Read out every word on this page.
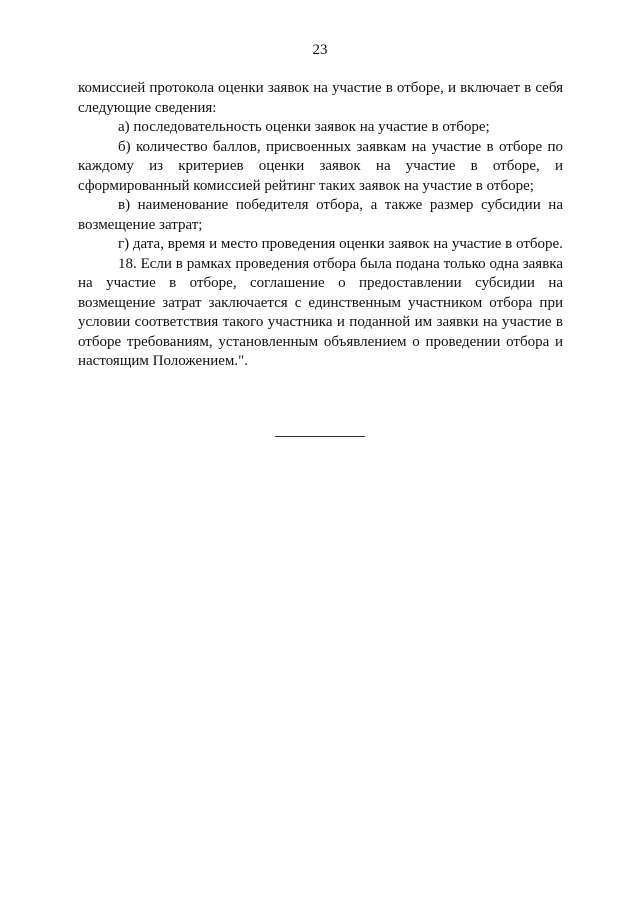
23

комиссией протокола оценки заявок на участие в отборе, и включает в себя следующие сведения:

а) последовательность оценки заявок на участие в отборе;

б) количество баллов, присвоенных заявкам на участие в отборе по каждому из критериев оценки заявок на участие в отборе, и сформированный комиссией рейтинг таких заявок на участие в отборе;

в) наименование победителя отбора, а также размер субсидии на возмещение затрат;

г) дата, время и место проведения оценки заявок на участие в отборе.

18. Если в рамках проведения отбора была подана только одна заявка на участие в отборе, соглашение о предоставлении субсидии на возмещение затрат заключается с единственным участником отбора при условии соответствия такого участника и поданной им заявки на участие в отборе требованиям, установленным объявлением о проведении отбора и настоящим Положением.".
